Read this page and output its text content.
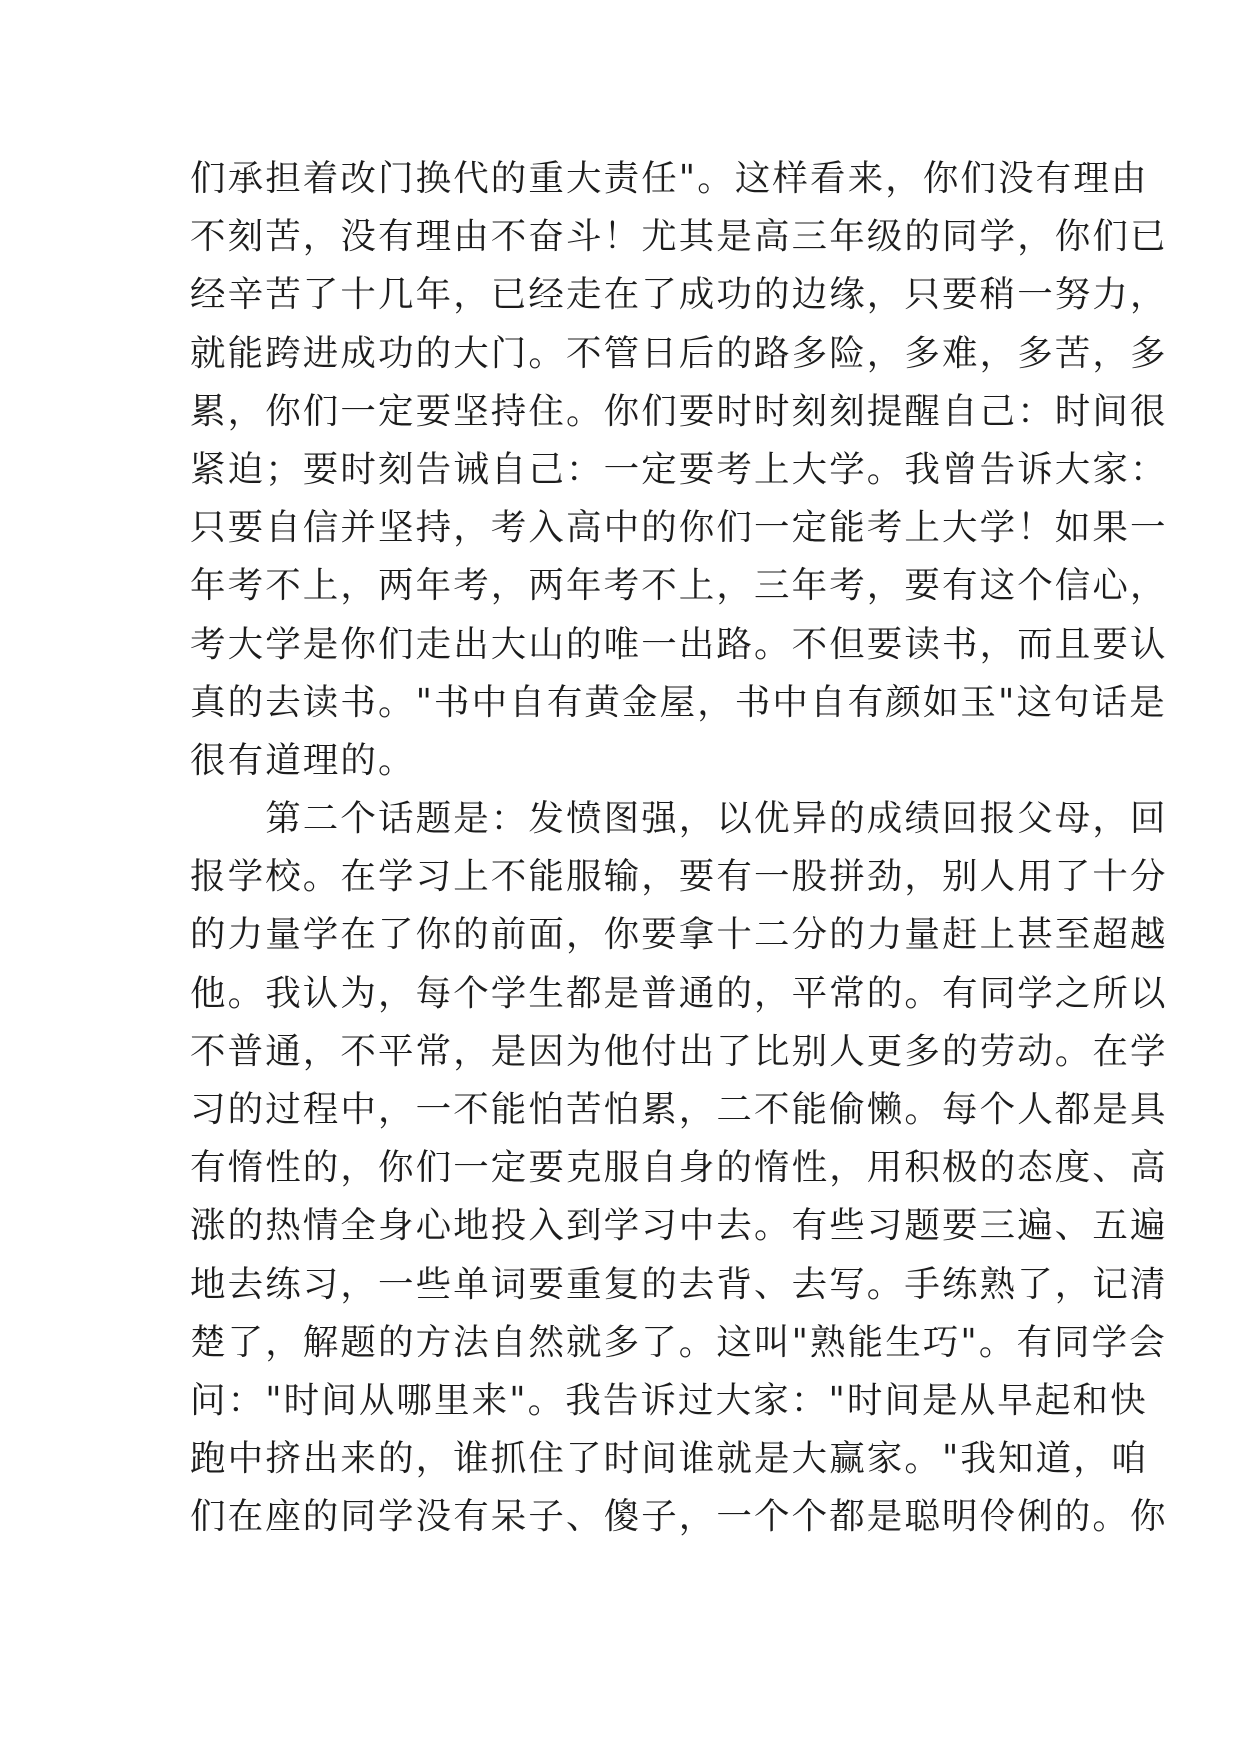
们承担着改门换代的重大责任"。这样看来，你们没有理由
不刻苦，没有理由不奋斗！尤其是高三年级的同学，你们已
经辛苦了十几年，已经走在了成功的边缘，只要稍一努力，
就能跨进成功的大门。不管日后的路多险，多难，多苦，多
累，你们一定要坚持住。你们要时时刻刻提醒自己：时间很
紧迫；要时刻告诫自己：一定要考上大学。我曾告诉大家：
只要自信并坚持，考入高中的你们一定能考上大学！如果一
年考不上，两年考，两年考不上，三年考，要有这个信心，
考大学是你们走出大山的唯一出路。不但要读书，而且要认
真的去读书。"书中自有黄金屋，书中自有颜如玉"这句话是
很有道理的。
　　第二个话题是：发愤图强，以优异的成绩回报父母，回
报学校。在学习上不能服输，要有一股拼劲，别人用了十分
的力量学在了你的前面，你要拿十二分的力量赶上甚至超越
他。我认为，每个学生都是普通的，平常的。有同学之所以
不普通，不平常，是因为他付出了比别人更多的劳动。在学
习的过程中，一不能怕苦怕累，二不能偷懒。每个人都是具
有惰性的，你们一定要克服自身的惰性，用积极的态度、高
涨的热情全身心地投入到学习中去。有些习题要三遍、五遍
地去练习，一些单词要重复的去背、去写。手练熟了，记清
楚了，解题的方法自然就多了。这叫"熟能生巧"。有同学会
问："时间从哪里来"。我告诉过大家："时间是从早起和快
跑中挤出来的，谁抓住了时间谁就是大赢家。"我知道，咱
们在座的同学没有呆子、傻子，一个个都是聪明伶俐的。你
